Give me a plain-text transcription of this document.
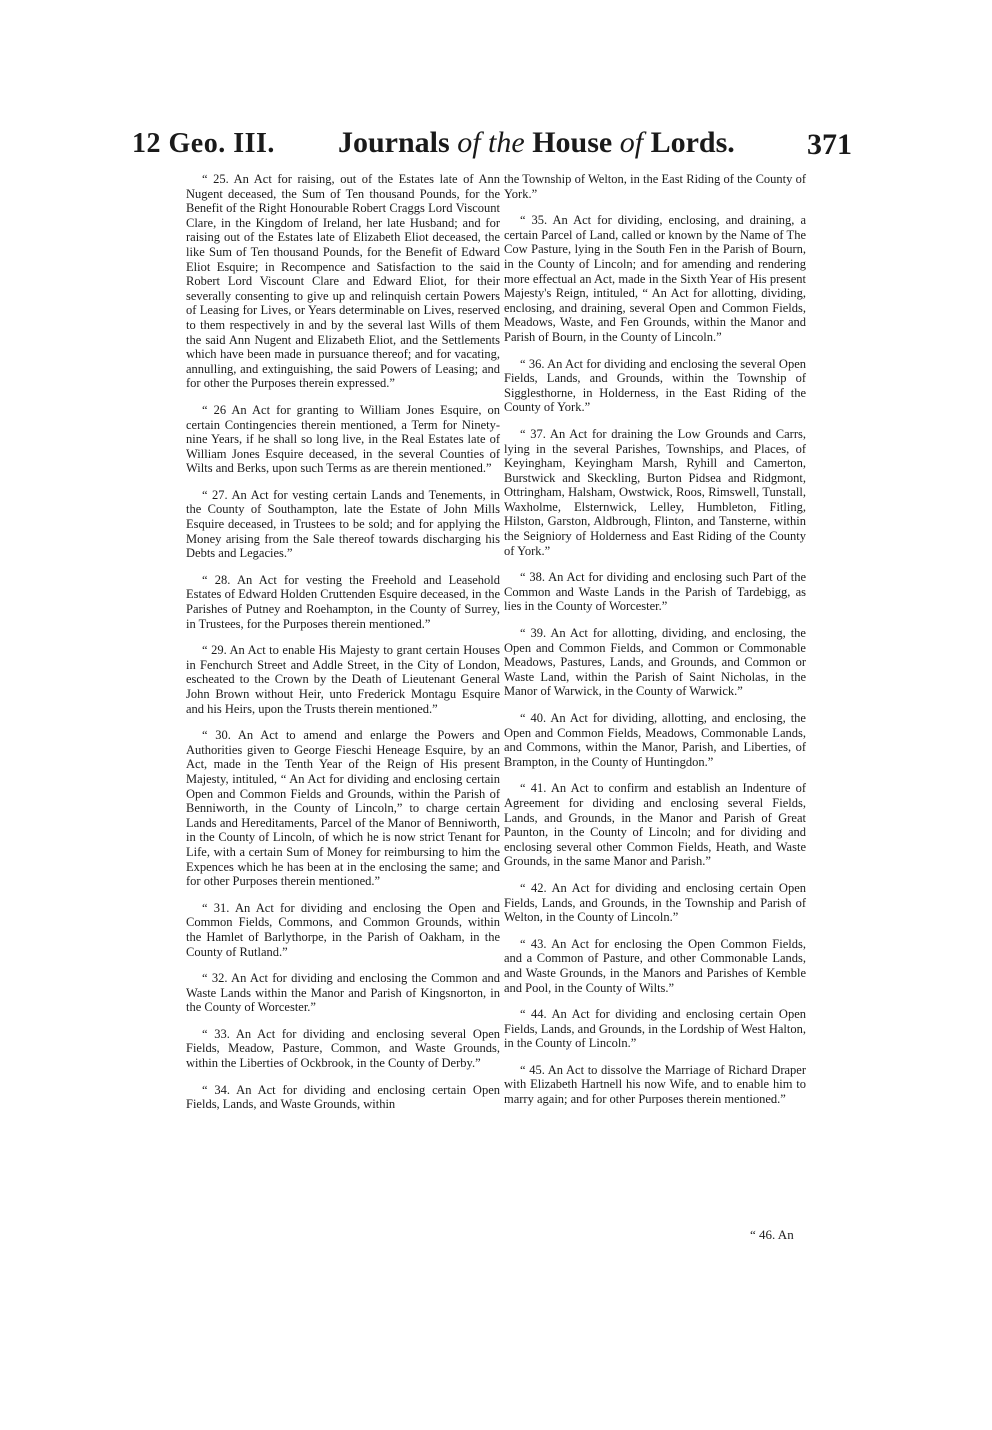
12 Geo. III. Journals of the House of Lords. 371

“ 25. An Act for raising, out of the Estates late of Ann Nugent deceased, the Sum of Ten thousand Pounds, for the Benefit of the Right Honourable Robert Craggs Lord Viscount Clare, in the Kingdom of Ireland, her late Husband; and for raising out of the Estates late of Elizabeth Eliot deceased, the like Sum of Ten thousand Pounds, for the Benefit of Edward Eliot Esquire; in Recompence and Satisfaction to the said Robert Lord Viscount Clare and Edward Eliot, for their severally consenting to give up and relinquish certain Powers of Leasing for Lives, or Years determinable on Lives, reserved to them respectively in and by the several last Wills of them the said Ann Nugent and Elizabeth Eliot, and the Settlements which have been made in pursuance thereof; and for vacating, annulling, and extinguishing, the said Powers of Leasing; and for other the Purposes therein expressed.”

“ 26 An Act for granting to William Jones Esquire, on certain Contingencies therein mentioned, a Term for Ninety-nine Years, if he shall so long live, in the Real Estates late of William Jones Esquire deceased, in the several Counties of Wilts and Berks, upon such Terms as are therein mentioned.”

“ 27. An Act for vesting certain Lands and Tenements, in the County of Southampton, late the Estate of John Mills Esquire deceased, in Trustees to be sold; and for applying the Money arising from the Sale thereof towards discharging his Debts and Legacies.”

“ 28. An Act for vesting the Freehold and Leasehold Estates of Edward Holden Cruttenden Esquire deceased, in the Parishes of Putney and Roehampton, in the County of Surrey, in Trustees, for the Purposes therein mentioned.”

“ 29. An Act to enable His Majesty to grant certain Houses in Fenchurch Street and Addle Street, in the City of London, escheated to the Crown by the Death of Lieutenant General John Brown without Heir, unto Frederick Montagu Esquire and his Heirs, upon the Trusts therein mentioned.”

“ 30. An Act to amend and enlarge the Powers and Authorities given to George Fieschi Heneage Esquire, by an Act, made in the Tenth Year of the Reign of His present Majesty, intituled, “ An Act for dividing and enclosing certain Open and Common Fields and Grounds, within the Parish of Benniworth, in the County of Lincoln,” to charge certain Lands and Hereditaments, Parcel of the Manor of Benniworth, in the County of Lincoln, of which he is now strict Tenant for Life, with a certain Sum of Money for reimbursing to him the Expences which he has been at in the enclosing the same; and for other Purposes therein mentioned.”

“ 31. An Act for dividing and enclosing the Open and Common Fields, Commons, and Common Grounds, within the Hamlet of Barlythorpe, in the Parish of Oakham, in the County of Rutland.”

“ 32. An Act for dividing and enclosing the Common and Waste Lands within the Manor and Parish of Kingsnorton, in the County of Worcester.”

“ 33. An Act for dividing and enclosing several Open Fields, Meadow, Pasture, Common, and Waste Grounds, within the Liberties of Ockbrook, in the County of Derby.”

“ 34. An Act for dividing and enclosing certain Open Fields, Lands, and Waste Grounds, within

the Township of Welton, in the East Riding of the County of York.”

“ 35. An Act for dividing, enclosing, and draining, a certain Parcel of Land, called or known by the Name of The Cow Pasture, lying in the South Fen in the Parish of Bourn, in the County of Lincoln; and for amending and rendering more effectual an Act, made in the Sixth Year of His present Majesty's Reign, intituled, “ An Act for allotting, dividing, enclosing, and draining, several Open and Common Fields, Meadows, Waste, and Fen Grounds, within the Manor and Parish of Bourn, in the County of Lincoln.”

“ 36. An Act for dividing and enclosing the several Open Fields, Lands, and Grounds, within the Township of Sigglesthorne, in Holderness, in the East Riding of the County of York.”

“ 37. An Act for draining the Low Grounds and Carrs, lying in the several Parishes, Townships, and Places, of Keyingham, Keyingham Marsh, Ryhill and Camerton, Burstwick and Skeckling, Burton Pidsea and Ridgmont, Ottringham, Halsham, Owstwick, Roos, Rimswell, Tunstall, Waxholme, Elsternwick, Lelley, Humbleton, Fitling, Hilston, Garston, Aldbrough, Flinton, and Tansterne, within the Seigniory of Holderness and East Riding of the County of York.”

“ 38. An Act for dividing and enclosing such Part of the Common and Waste Lands in the Parish of Tardebigg, as lies in the County of Worcester.”

“ 39. An Act for allotting, dividing, and enclosing, the Open and Common Fields, and Common or Commonable Meadows, Pastures, Lands, and Grounds, and Common or Waste Land, within the Parish of Saint Nicholas, in the Manor of Warwick, in the County of Warwick.”

“ 40. An Act for dividing, allotting, and enclosing, the Open and Common Fields, Meadows, Commonable Lands, and Commons, within the Manor, Parish, and Liberties, of Brampton, in the County of Huntingdon.”

“ 41. An Act to confirm and establish an Indenture of Agreement for dividing and enclosing several Fields, Lands, and Grounds, in the Manor and Parish of Great Paunton, in the County of Lincoln; and for dividing and enclosing several other Common Fields, Heath, and Waste Grounds, in the same Manor and Parish.”

“ 42. An Act for dividing and enclosing certain Open Fields, Lands, and Grounds, in the Township and Parish of Welton, in the County of Lincoln.”

“ 43. An Act for enclosing the Open Common Fields, and a Common of Pasture, and other Commonable Lands, and Waste Grounds, in the Manors and Parishes of Kemble and Pool, in the County of Wilts.”

“ 44. An Act for dividing and enclosing certain Open Fields, Lands, and Grounds, in the Lordship of West Halton, in the County of Lincoln.”

“ 45. An Act to dissolve the Marriage of Richard Draper with Elizabeth Hartnell his now Wife, and to enable him to marry again; and for other Purposes therein mentioned.”

“ 46. An
